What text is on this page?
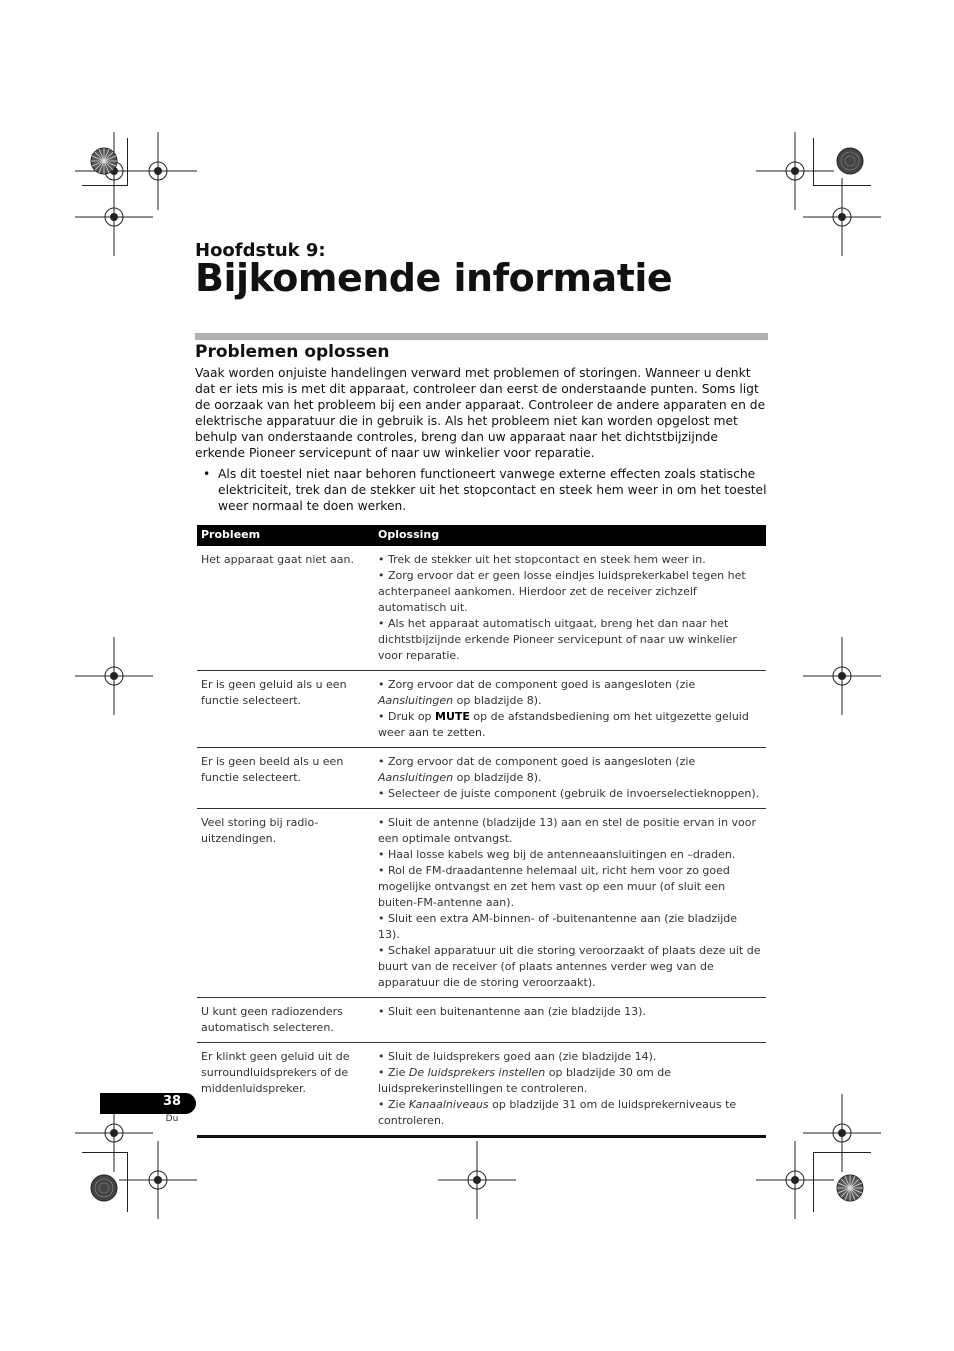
Hoofdstuk 9:
Bijkomende informatie
Problemen oplossen

Vaak worden onjuiste handelingen verward met problemen of storingen. Wanneer u denkt dat er iets mis is met dit apparaat, controleer dan eerst de onderstaande punten. Soms ligt de oorzaak van het probleem bij een ander apparaat. Controleer de andere apparaten en de elektrische apparatuur die in gebruik is. Als het probleem niet kan worden opgelost met behulp van onderstaande controles, breng dan uw apparaat naar het dichtstbijzijnde erkende Pioneer servicepunt of naar uw winkelier voor reparatie.

• Als dit toestel niet naar behoren functioneert vanwege externe effecten zoals statische elektriciteit, trek dan de stekker uit het stopcontact en steek hem weer in om het toestel weer normaal te doen werken.
Probleem	Oplossing
Het apparaat gaat niet aan.	• Trek de stekker uit het stopcontact en steek hem weer in.
• Zorg ervoor dat er geen losse eindjes luidsprekerkabel tegen het achterpaneel aankomen. Hierdoor zet de receiver zichzelf automatisch uit.
• Als het apparaat automatisch uitgaat, breng het dan naar het dichtstbijzijnde erkende Pioneer servicepunt of naar uw winkelier voor reparatie.

Er is geen geluid als u een functie selecteert.	• Zorg ervoor dat de component goed is aangesloten (zie Aansluitingen op bladzijde 8).
• Druk op MUTE op de afstandsbediening om het uitgezette geluid weer aan te zetten.

Er is geen beeld als u een functie selecteert.	• Zorg ervoor dat de component goed is aangesloten (zie Aansluitingen op bladzijde 8).
• Selecteer de juiste component (gebruik de invoerselectieknoppen).

Veel storing bij radio-uitzendingen.	• Sluit de antenne (bladzijde 13) aan en stel de positie ervan in voor een optimale ontvangst.
• Haal losse kabels weg bij de antenneaansluitingen en –draden.
• Rol de FM-draadantenne helemaal uit, richt hem voor zo goed mogelijke ontvangst en zet hem vast op een muur (of sluit een buiten-FM-antenne aan).
• Sluit een extra AM-binnen- of -buitenantenne aan (zie bladzijde 13).
• Schakel apparatuur uit die storing veroorzaakt of plaats deze uit de buurt van de receiver (of plaats antennes verder weg van de apparatuur die de storing veroorzaakt).

U kunt geen radiozenders automatisch selecteren.	• Sluit een buitenantenne aan (zie bladzijde 13).

Er klinkt geen geluid uit de surroundluidsprekers of de middenluidspreker.	• Sluit de luidsprekers goed aan (zie bladzijde 14).
• Zie De luidsprekers instellen op bladzijde 30 om de luidsprekerinstellingen te controleren.
• Zie Kanaalniveaus op bladzijde 31 om de luidsprekerniveaus te controleren.
38
Du
